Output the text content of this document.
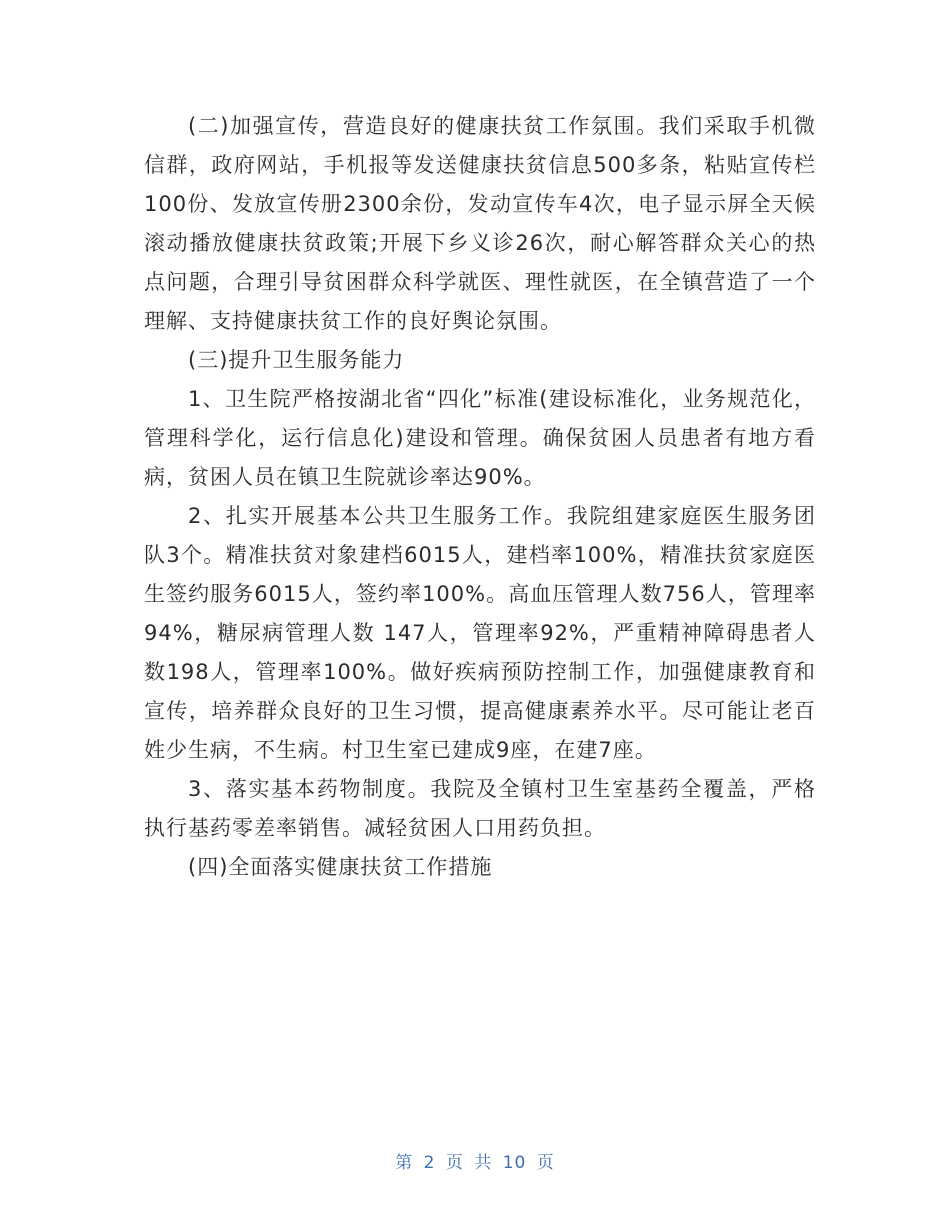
(二)加强宣传，营造良好的健康扶贫工作氛围。我们采取手机微信群，政府网站，手机报等发送健康扶贫信息500多条，粘贴宣传栏100份、发放宣传册2300余份，发动宣传车4次，电子显示屏全天候滚动播放健康扶贫政策;开展下乡义诊26次，耐心解答群众关心的热点问题，合理引导贫困群众科学就医、理性就医，在全镇营造了一个理解、支持健康扶贫工作的良好舆论氛围。

(三)提升卫生服务能力

1、卫生院严格按湖北省“四化”标准(建设标准化，业务规范化，管理科学化，运行信息化)建设和管理。确保贫困人员患者有地方看病，贫困人员在镇卫生院就诊率达90%。

2、扎实开展基本公共卫生服务工作。我院组建家庭医生服务团队3个。精准扶贫对象建档6015人，建档率100%，精准扶贫家庭医生签约服务6015人，签约率100%。高血压管理人数756人，管理率94%，糖尿病管理人数 147人，管理率92%，严重精神障碍患者人数198人，管理率100%。做好疾病预防控制工作，加强健康教育和宣传，培养群众良好的卫生习惯，提高健康素养水平。尽可能让老百姓少生病，不生病。村卫生室已建成9座，在建7座。

3、落实基本药物制度。我院及全镇村卫生室基药全覆盖，严格执行基药零差率销售。减轻贫困人口用药负担。

(四)全面落实健康扶贫工作措施

第 2 页 共 10 页
